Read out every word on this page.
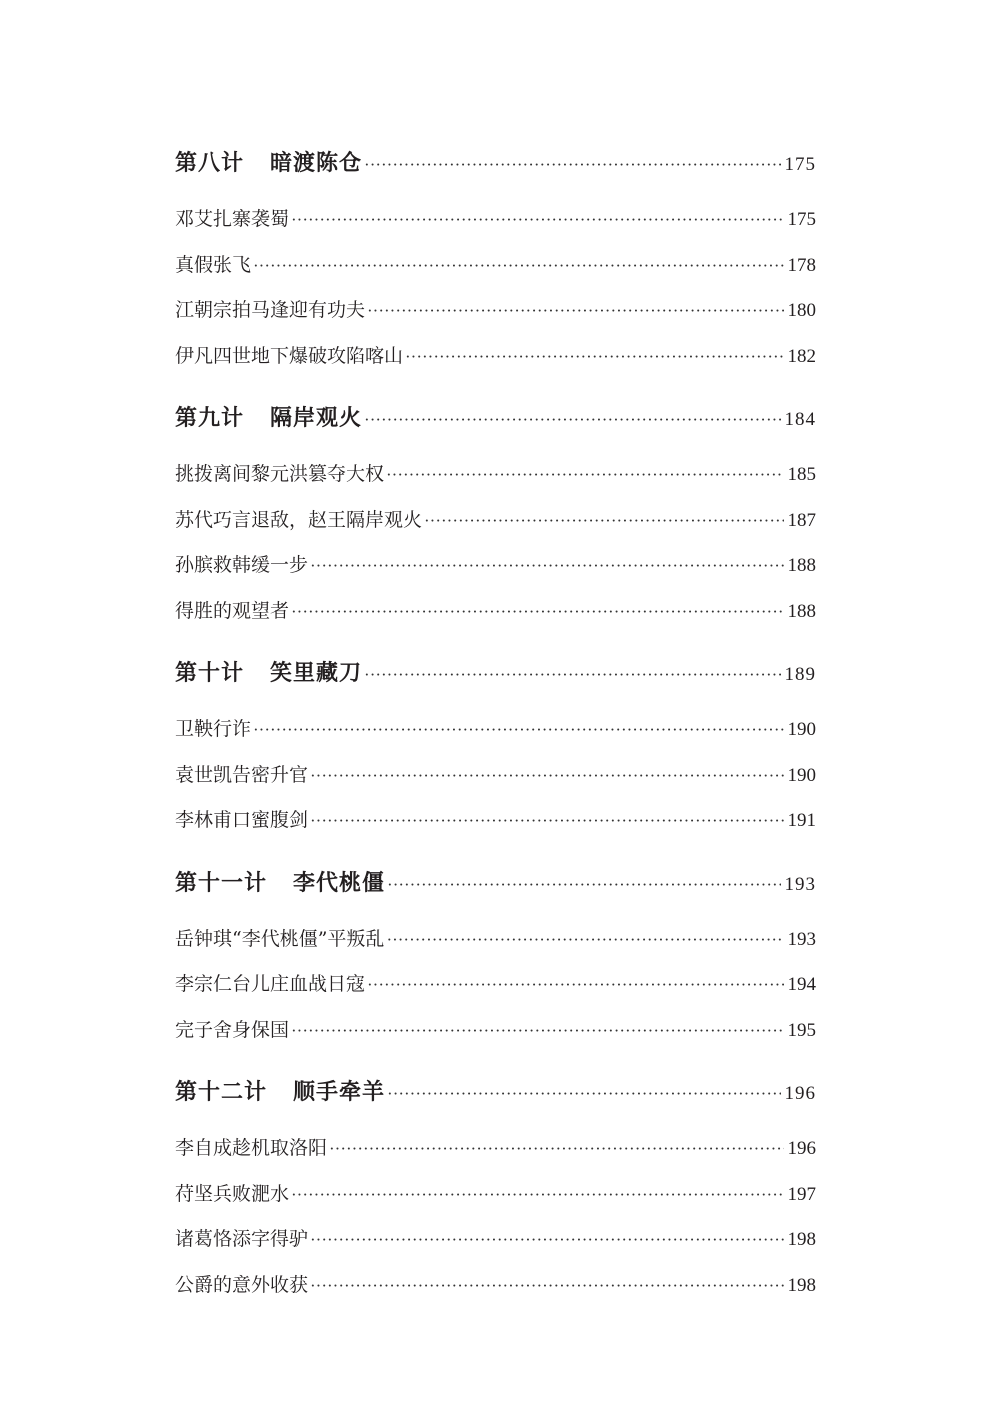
第八计 暗渡陈仓 ·····	175
邓艾扎寨袭蜀 ·····	175
真假张飞 ·····	178
江朝宗拍马逢迎有功夫 ·····	180
伊凡四世地下爆破攻陷喀山 ·····	182
第九计 隔岸观火 ·····	184
挑拨离间黎元洪篡夺大权 ·····	185
苏代巧言退敌，赵王隔岸观火 ·····	187
孙膑救韩缓一步 ·····	188
得胜的观望者 ·····	188
第十计 笑里藏刀 ·····	189
卫鞅行诈 ·····	190
袁世凯告密升官 ·····	190
李林甫口蜜腹剑 ·····	191
第十一计 李代桃僵 ·····	193
岳钟琪“李代桃僵”平叛乱 ·····	193
李宗仁台儿庄血战日寇 ·····	194
完子舍身保国 ·····	195
第十二计 顺手牵羊 ·····	196
李自成趁机取洛阳 ·····	196
苻坚兵败淝水 ·····	197
诸葛恪添字得驴 ·····	198
公爵的意外收获 ·····	198
